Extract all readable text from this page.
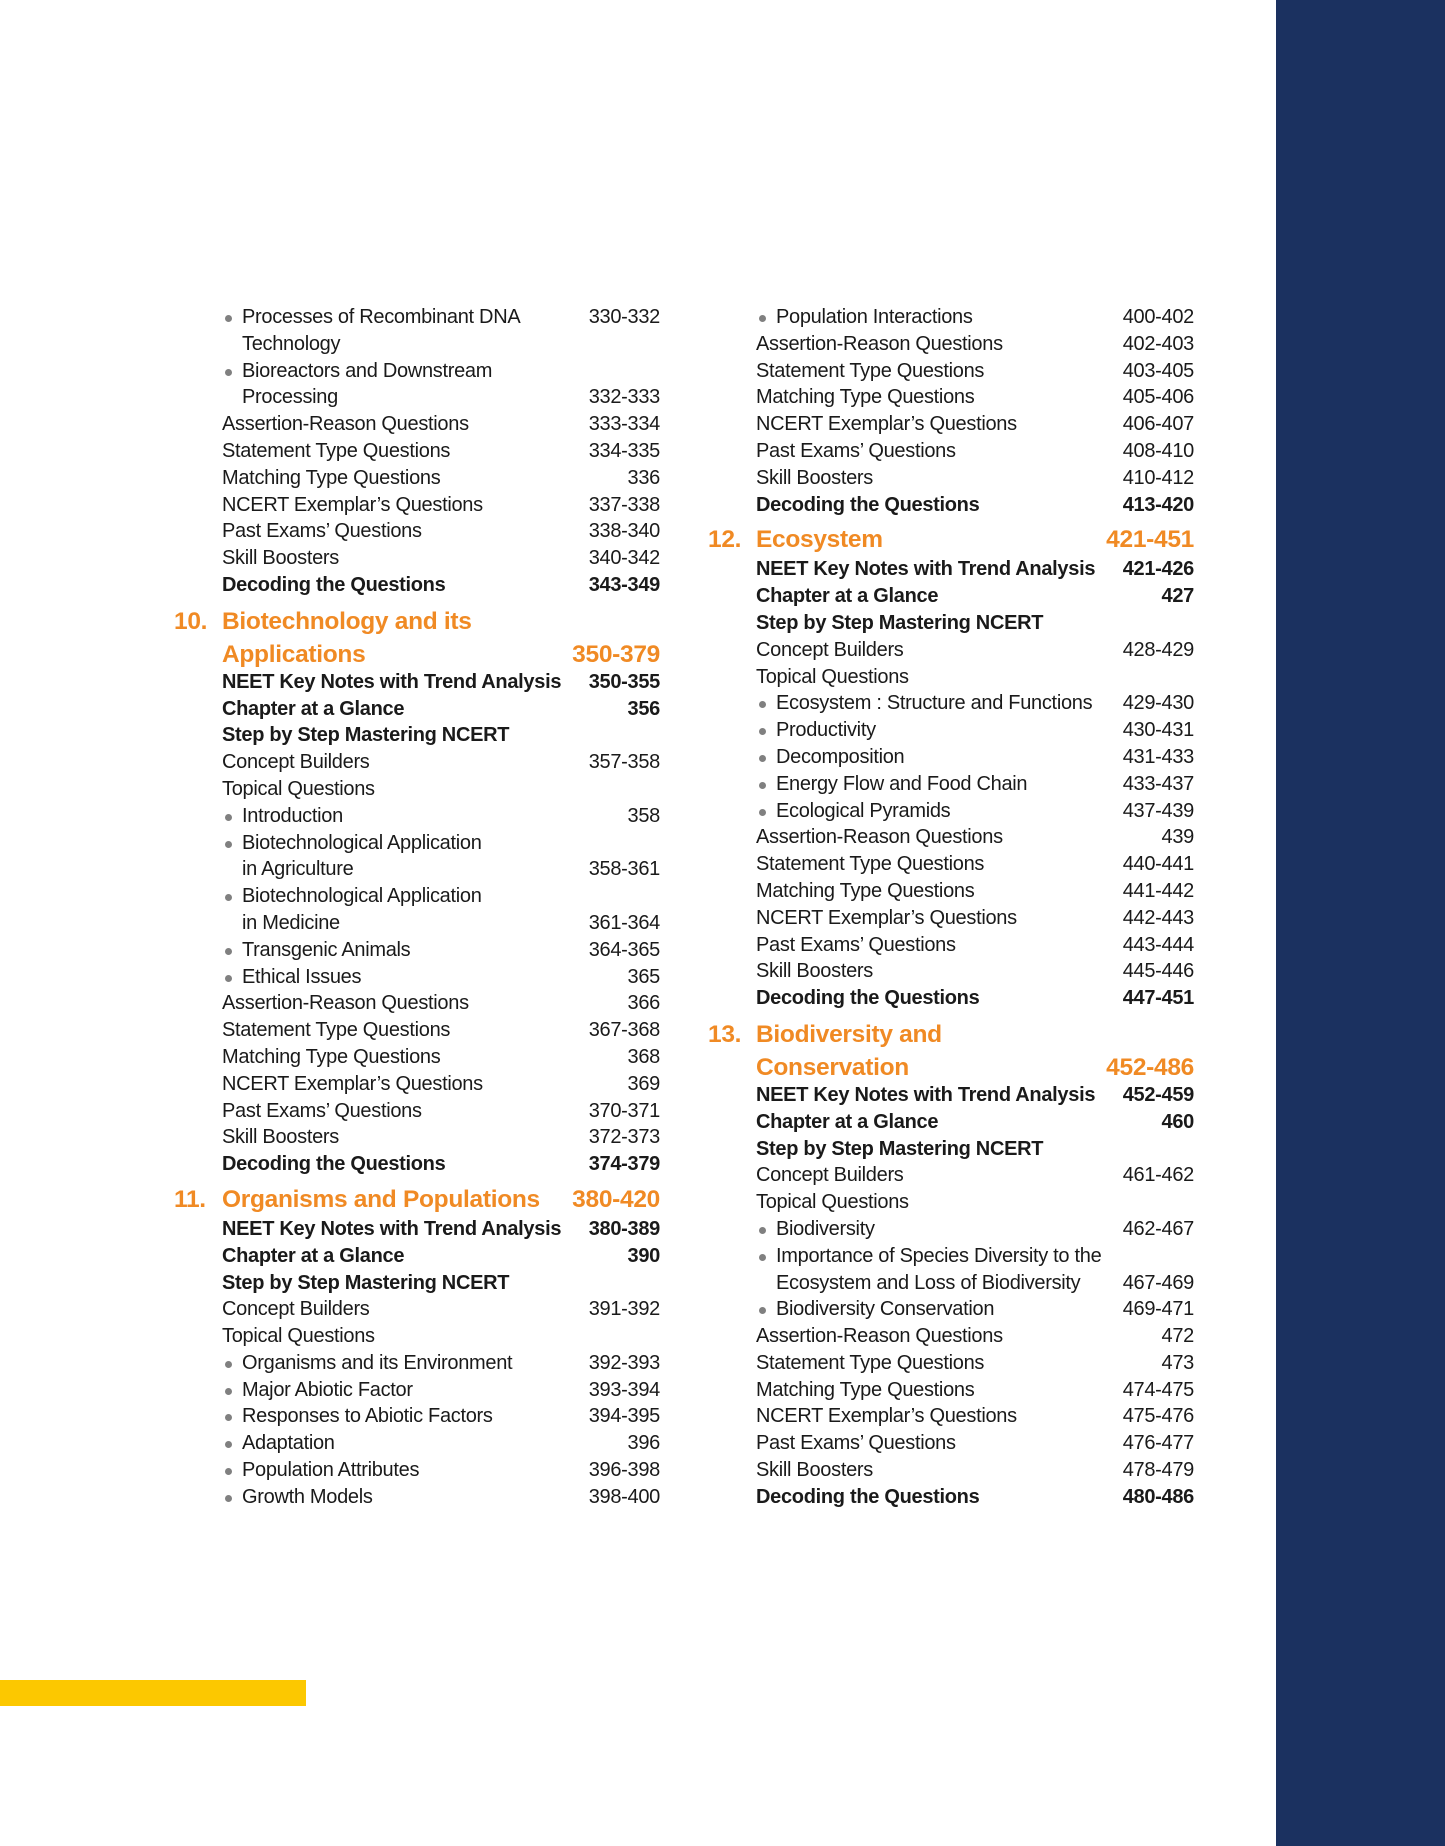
Processes of Recombinant DNA	330-332
Technology
Bioreactors and Downstream
Processing	332-333
Assertion-Reason Questions	333-334
Statement Type Questions	334-335
Matching Type Questions	336
NCERT Exemplar’s Questions	337-338
Past Exams’ Questions	338-340
Skill Boosters	340-342
Decoding the Questions	343-349
10. Biotechnology and its
Applications	350-379
NEET Key Notes with Trend Analysis 350-355
Chapter at a Glance	356
Step by Step Mastering NCERT
Concept Builders	357-358
Topical Questions
Introduction	358
Biotechnological Application
in Agriculture	358-361
Biotechnological Application
in Medicine	361-364
Transgenic Animals	364-365
Ethical Issues	365
Assertion-Reason Questions	366
Statement Type Questions	367-368
Matching Type Questions	368
NCERT Exemplar’s Questions	369
Past Exams’ Questions	370-371
Skill Boosters	372-373
Decoding the Questions	374-379
11. Organisms and Populations 380-420
NEET Key Notes with Trend Analysis 380-389
Chapter at a Glance	390
Step by Step Mastering NCERT
Concept Builders	391-392
Topical Questions
Organisms and its Environment	392-393
Major Abiotic Factor	393-394
Responses to Abiotic Factors	394-395
Adaptation	396
Population Attributes	396-398
Growth Models	398-400
Population Interactions	400-402
Assertion-Reason Questions	402-403
Statement Type Questions	403-405
Matching Type Questions	405-406
NCERT Exemplar’s Questions	406-407
Past Exams’ Questions	408-410
Skill Boosters	410-412
Decoding the Questions	413-420
12. Ecosystem	421-451
NEET Key Notes with Trend Analysis 421-426
Chapter at a Glance	427
Step by Step Mastering NCERT
Concept Builders	428-429
Topical Questions
Ecosystem : Structure and Functions 429-430
Productivity	430-431
Decomposition	431-433
Energy Flow and Food Chain	433-437
Ecological Pyramids	437-439
Assertion-Reason Questions	439
Statement Type Questions	440-441
Matching Type Questions	441-442
NCERT Exemplar’s Questions	442-443
Past Exams’ Questions	443-444
Skill Boosters	445-446
Decoding the Questions	447-451
13. Biodiversity and
Conservation	452-486
NEET Key Notes with Trend Analysis 452-459
Chapter at a Glance	460
Step by Step Mastering NCERT
Concept Builders	461-462
Topical Questions
Biodiversity	462-467
Importance of Species Diversity to the
Ecosystem and Loss of Biodiversity 467-469
Biodiversity Conservation	469-471
Assertion-Reason Questions	472
Statement Type Questions	473
Matching Type Questions	474-475
NCERT Exemplar’s Questions	475-476
Past Exams’ Questions	476-477
Skill Boosters	478-479
Decoding the Questions	480-486
